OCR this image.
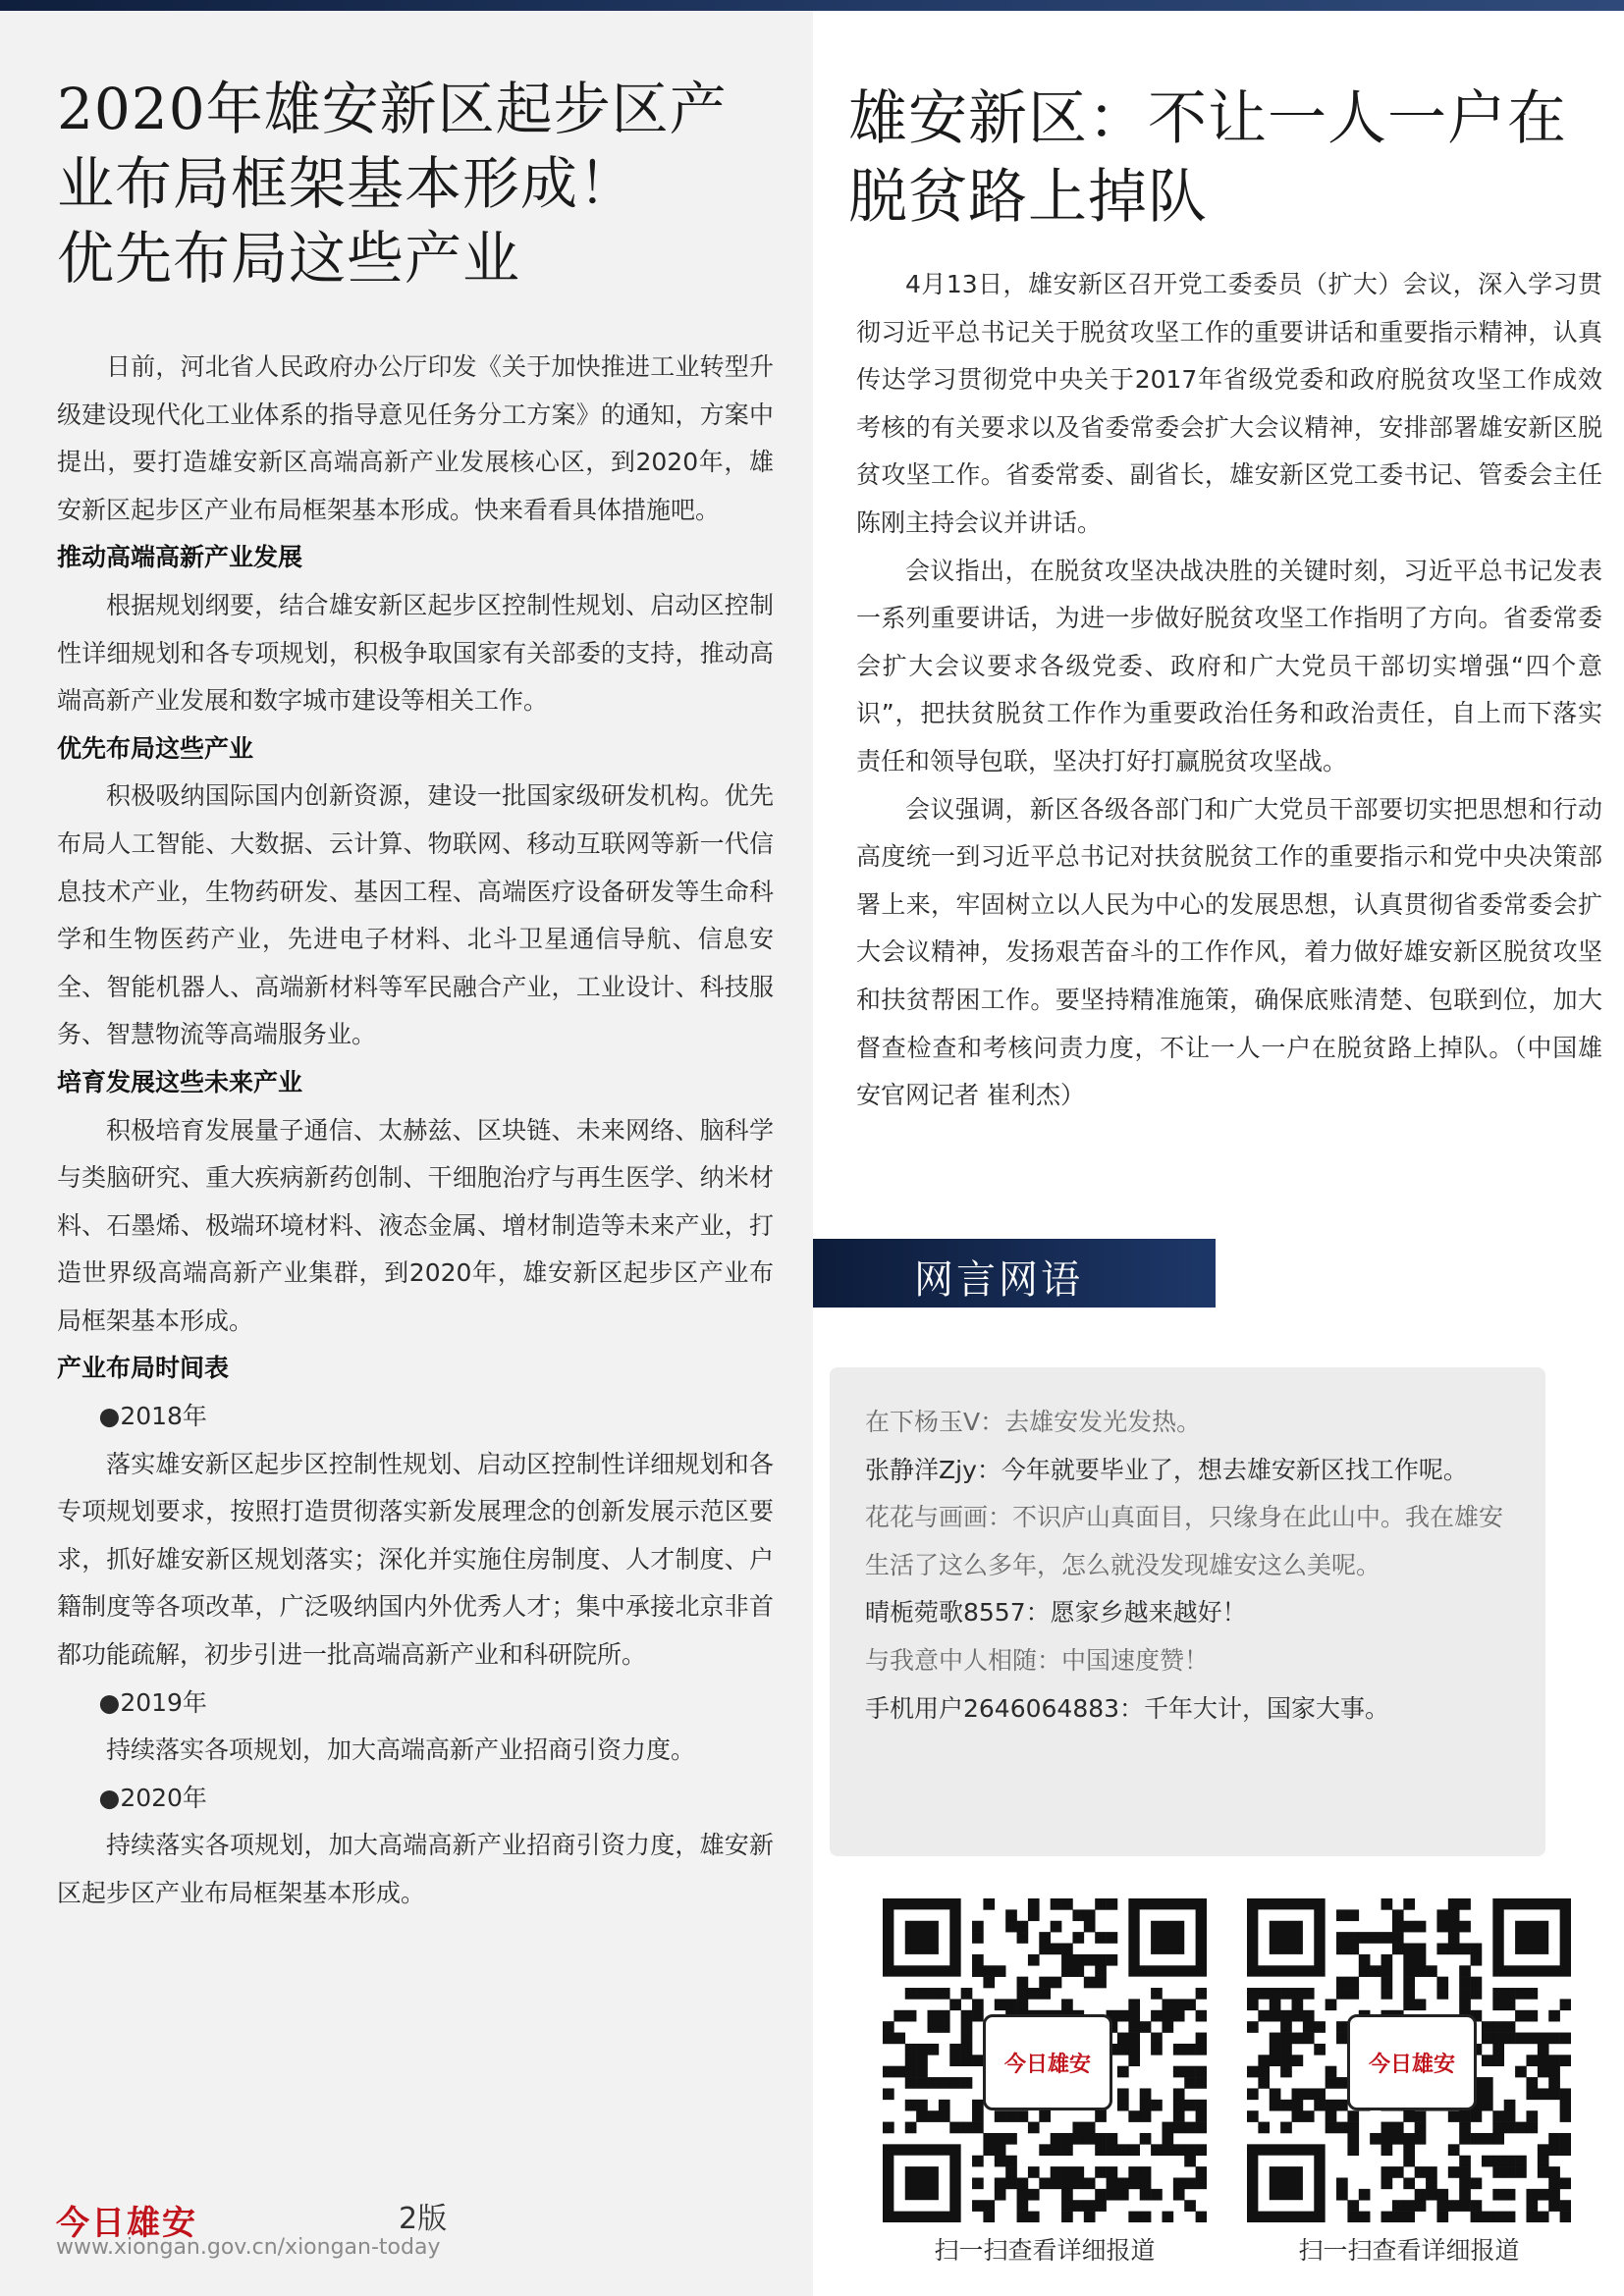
2020年雄安新区起步区产
业布局框架基本形成！
优先布局这些产业

日前，河北省人民政府办公厅印发《关于加快推进工业转型升级建设现代化工业体系的指导意见任务分工方案》的通知，方案中提出，要打造雄安新区高端高新产业发展核心区，到2020年，雄安新区起步区产业布局框架基本形成。快来看看具体措施吧。

推动高端高新产业发展

根据规划纲要，结合雄安新区起步区控制性规划、启动区控制性详细规划和各专项规划，积极争取国家有关部委的支持，推动高端高新产业发展和数字城市建设等相关工作。

优先布局这些产业

积极吸纳国际国内创新资源，建设一批国家级研发机构。优先布局人工智能、大数据、云计算、物联网、移动互联网等新一代信息技术产业，生物药研发、基因工程、高端医疗设备研发等生命科学和生物医药产业，先进电子材料、北斗卫星通信导航、信息安全、智能机器人、高端新材料等军民融合产业，工业设计、科技服务、智慧物流等高端服务业。

培育发展这些未来产业

积极培育发展量子通信、太赫兹、区块链、未来网络、脑科学与类脑研究、重大疾病新药创制、干细胞治疗与再生医学、纳米材料、石墨烯、极端环境材料、液态金属、增材制造等未来产业，打造世界级高端高新产业集群，到2020年，雄安新区起步区产业布局框架基本形成。

产业布局时间表

●2018年

落实雄安新区起步区控制性规划、启动区控制性详细规划和各专项规划要求，按照打造贯彻落实新发展理念的创新发展示范区要求，抓好雄安新区规划落实；深化并实施住房制度、人才制度、户籍制度等各项改革，广泛吸纳国内外优秀人才；集中承接北京非首都功能疏解，初步引进一批高端高新产业和科研院所。

●2019年

持续落实各项规划，加大高端高新产业招商引资力度。

●2020年

持续落实各项规划，加大高端高新产业招商引资力度，雄安新区起步区产业布局框架基本形成。

今日雄安	2版
www.xiongan.gov.cn/xiongan-today
雄安新区：不让一人一户在
脱贫路上掉队

4月13日，雄安新区召开党工委委员（扩大）会议，深入学习贯彻习近平总书记关于脱贫攻坚工作的重要讲话和重要指示精神，认真传达学习贯彻党中央关于2017年省级党委和政府脱贫攻坚工作成效考核的有关要求以及省委常委会扩大会议精神，安排部署雄安新区脱贫攻坚工作。省委常委、副省长，雄安新区党工委书记、管委会主任陈刚主持会议并讲话。

会议指出，在脱贫攻坚决战决胜的关键时刻，习近平总书记发表一系列重要讲话，为进一步做好脱贫攻坚工作指明了方向。省委常委会扩大会议要求各级党委、政府和广大党员干部切实增强“四个意识”，把扶贫脱贫工作作为重要政治任务和政治责任，自上而下落实责任和领导包联，坚决打好打赢脱贫攻坚战。

会议强调，新区各级各部门和广大党员干部要切实把思想和行动高度统一到习近平总书记对扶贫脱贫工作的重要指示和党中央决策部署上来，牢固树立以人民为中心的发展思想，认真贯彻省委常委会扩大会议精神，发扬艰苦奋斗的工作作风，着力做好雄安新区脱贫攻坚和扶贫帮困工作。要坚持精准施策，确保底账清楚、包联到位，加大督查检查和考核问责力度，不让一人一户在脱贫路上掉队。（中国雄安官网记者 崔利杰）

网言网语

在下杨玉V：去雄安发光发热。

张静洋Zjy：今年就要毕业了，想去雄安新区找工作呢。

花花与画画：不识庐山真面目，只缘身在此山中。我在雄安生活了这么多年，怎么就没发现雄安这么美呢。

晴栀菀歌8557：愿家乡越来越好！

与我意中人相随：中国速度赞！

手机用户2646064883：千年大计，国家大事。

今日雄安
扫一扫查看详细报道
今日雄安
扫一扫查看详细报道
